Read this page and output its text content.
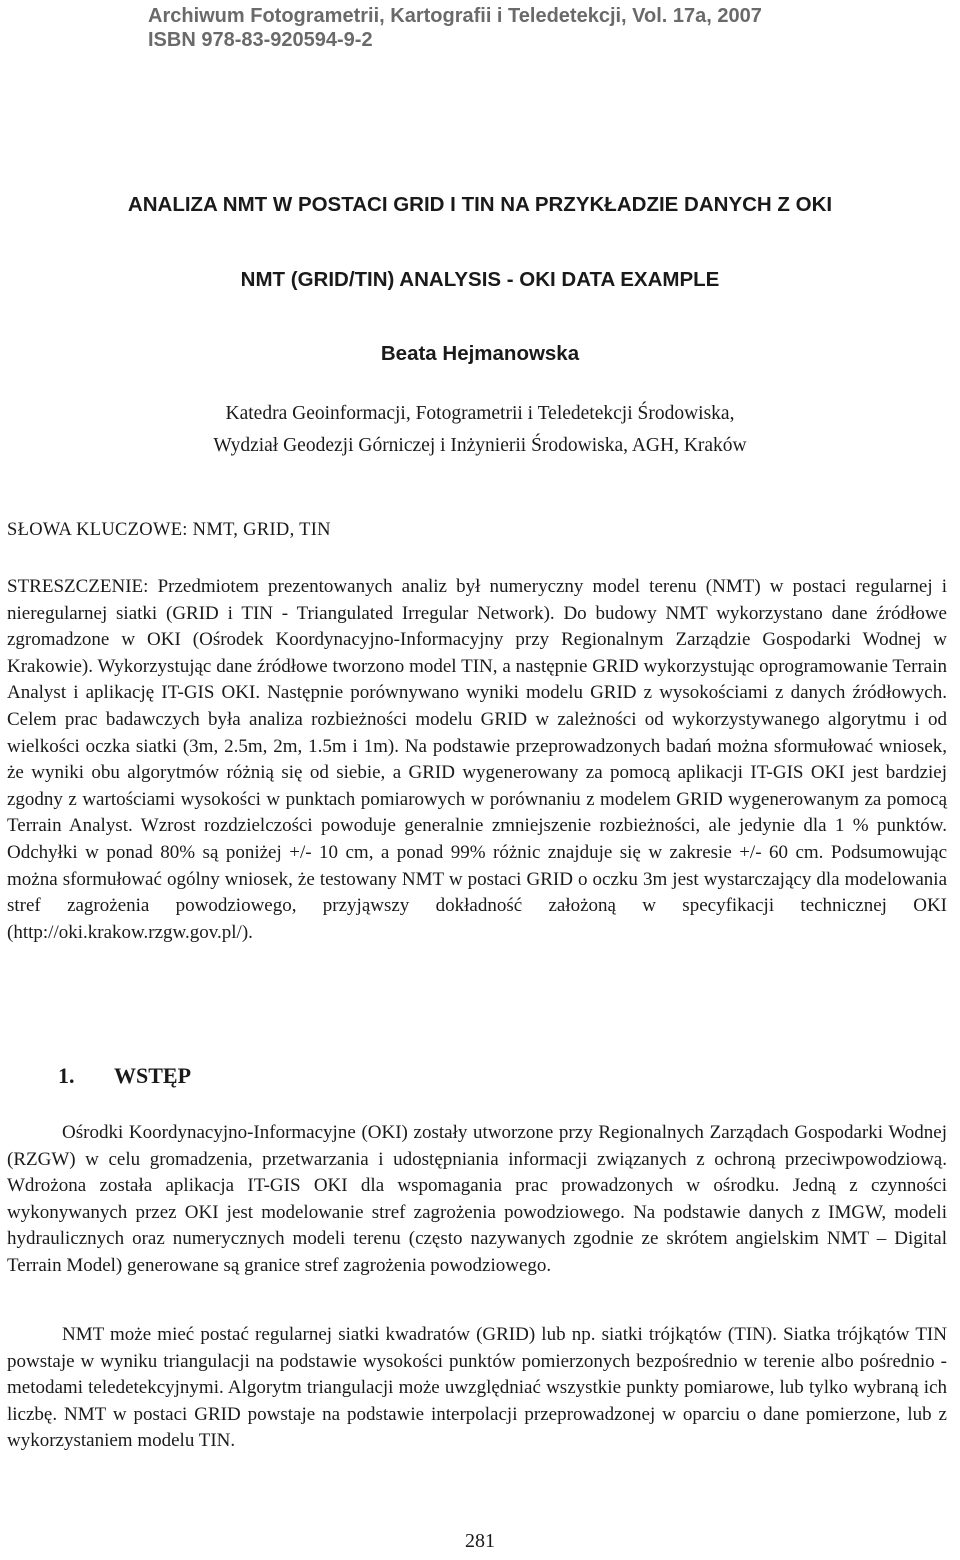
Archiwum Fotogrametrii, Kartografii i Teledetekcji, Vol. 17a, 2007
ISBN 978-83-920594-9-2
ANALIZA NMT W POSTACI GRID I TIN NA PRZYKŁADZIE DANYCH Z OKI
NMT (GRID/TIN) ANALYSIS - OKI DATA EXAMPLE
Beata Hejmanowska
Katedra Geoinformacji, Fotogrametrii i Teledetekcji Środowiska,
Wydział Geodezji Górniczej i Inżynierii Środowiska, AGH, Kraków
SŁOWA KLUCZOWE: NMT, GRID, TIN
STRESZCZENIE: Przedmiotem prezentowanych analiz był numeryczny model terenu (NMT) w postaci regularnej i nieregularnej siatki (GRID i TIN - Triangulated Irregular Network). Do budowy NMT wykorzystano dane źródłowe zgromadzone w OKI (Ośrodek Koordynacyjno-Informacyjny przy Regionalnym Zarządzie Gospodarki Wodnej w Krakowie). Wykorzystując dane źródłowe tworzono model TIN, a następnie GRID wykorzystując oprogramowanie Terrain Analyst i aplikację IT-GIS OKI. Następnie porównywano wyniki modelu GRID z wysokościami z danych źródłowych. Celem prac badawczych była analiza rozbieżności modelu GRID w zależności od wykorzystywanego algorytmu i od wielkości oczka siatki (3m, 2.5m, 2m, 1.5m i 1m). Na podstawie przeprowadzonych badań można sformułować wniosek, że wyniki obu algorytmów różnią się od siebie, a GRID wygenerowany za pomocą aplikacji IT-GIS OKI jest bardziej zgodny z wartościami wysokości w punktach pomiarowych w porównaniu z modelem GRID wygenerowanym za pomocą Terrain Analyst. Wzrost rozdzielczości powoduje generalnie zmniejszenie rozbieżności, ale jedynie dla 1 % punktów. Odchyłki w ponad 80% są poniżej +/- 10 cm, a ponad 99% różnic znajduje się w zakresie +/- 60 cm. Podsumowując można sformułować ogólny wniosek, że testowany NMT w postaci GRID o oczku 3m jest wystarczający dla modelowania stref zagrożenia powodziowego, przyjąwszy dokładność założoną w specyfikacji technicznej OKI (http://oki.krakow.rzgw.gov.pl/).
1. WSTĘP
Ośrodki Koordynacyjno-Informacyjne (OKI) zostały utworzone przy Regionalnych Zarządach Gospodarki Wodnej (RZGW) w celu gromadzenia, przetwarzania i udostępniania informacji związanych z ochroną przeciwpowodziową. Wdrożona została aplikacja IT-GIS OKI dla wspomagania prac prowadzonych w ośrodku. Jedną z czynności wykonywanych przez OKI jest modelowanie stref zagrożenia powodziowego. Na podstawie danych z IMGW, modeli hydraulicznych oraz numerycznych modeli terenu (często nazywanych zgodnie ze skrótem angielskim NMT – Digital Terrain Model) generowane są granice stref zagrożenia powodziowego.
NMT może mieć postać regularnej siatki kwadratów (GRID) lub np. siatki trójkątów (TIN). Siatka trójkątów TIN powstaje w wyniku triangulacji na podstawie wysokości punktów pomierzonych bezpośrednio w terenie albo pośrednio - metodami teledetekcyjnymi. Algorytm triangulacji może uwzględniać wszystkie punkty pomiarowe, lub tylko wybraną ich liczbę. NMT w postaci GRID powstaje na podstawie interpolacji przeprowadzonej w oparciu o dane pomierzone, lub z wykorzystaniem modelu TIN.
281
